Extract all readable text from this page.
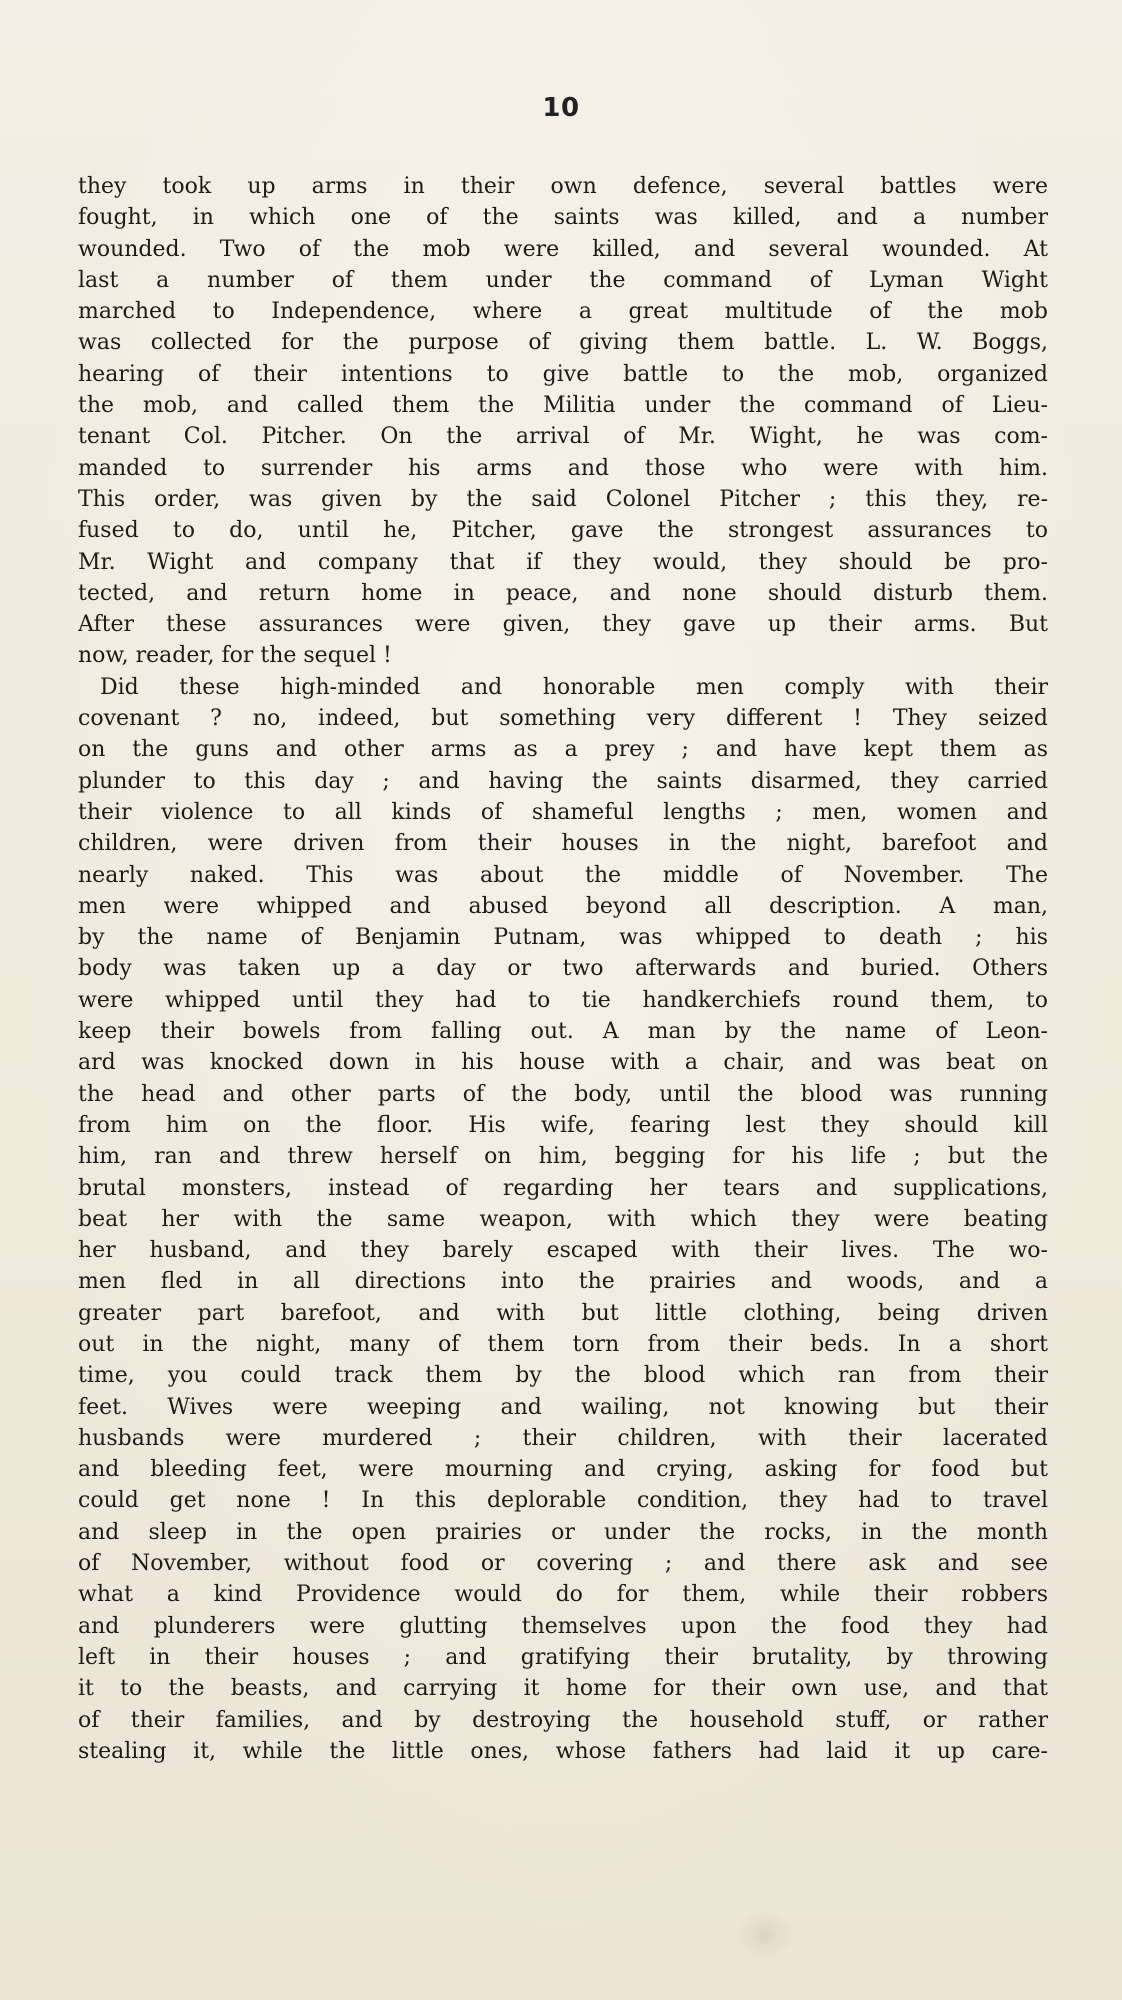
10
they took up arms in their own defence, several battles were
fought, in which one of the saints was killed, and a number
wounded. Two of the mob were killed, and several wounded. At
last a number of them under the command of Lyman Wight
marched to Independence, where a great multitude of the mob
was collected for the purpose of giving them battle. L. W. Boggs,
hearing of their intentions to give battle to the mob, organized
the mob, and called them the Militia under the command of Lieu-
tenant Col. Pitcher. On the arrival of Mr. Wight, he was com-
manded to surrender his arms and those who were with him.
This order, was given by the said Colonel Pitcher ; this they, re-
fused to do, until he, Pitcher, gave the strongest assurances to
Mr. Wight and company that if they would, they should be pro-
tected, and return home in peace, and none should disturb them.
After these assurances were given, they gave up their arms. But
now, reader, for the sequel !
Did these high-minded and honorable men comply with their
covenant ? no, indeed, but something very different ! They seized
on the guns and other arms as a prey ; and have kept them as
plunder to this day ; and having the saints disarmed, they carried
their violence to all kinds of shameful lengths ; men, women and
children, were driven from their houses in the night, barefoot and
nearly naked. This was about the middle of November. The
men were whipped and abused beyond all description. A man,
by the name of Benjamin Putnam, was whipped to death ; his
body was taken up a day or two afterwards and buried. Others
were whipped until they had to tie handkerchiefs round them, to
keep their bowels from falling out. A man by the name of Leon-
ard was knocked down in his house with a chair, and was beat on
the head and other parts of the body, until the blood was running
from him on the floor. His wife, fearing lest they should kill
him, ran and threw herself on him, begging for his life ; but the
brutal monsters, instead of regarding her tears and supplications,
beat her with the same weapon, with which they were beating
her husband, and they barely escaped with their lives. The wo-
men fled in all directions into the prairies and woods, and a
greater part barefoot, and with but little clothing, being driven
out in the night, many of them torn from their beds. In a short
time, you could track them by the blood which ran from their
feet. Wives were weeping and wailing, not knowing but their
husbands were murdered ; their children, with their lacerated
and bleeding feet, were mourning and crying, asking for food but
could get none ! In this deplorable condition, they had to travel
and sleep in the open prairies or under the rocks, in the month
of November, without food or covering ; and there ask and see
what a kind Providence would do for them, while their robbers
and plunderers were glutting themselves upon the food they had
left in their houses ; and gratifying their brutality, by throwing
it to the beasts, and carrying it home for their own use, and that
of their families, and by destroying the household stuff, or rather
stealing it, while the little ones, whose fathers had laid it up care-
